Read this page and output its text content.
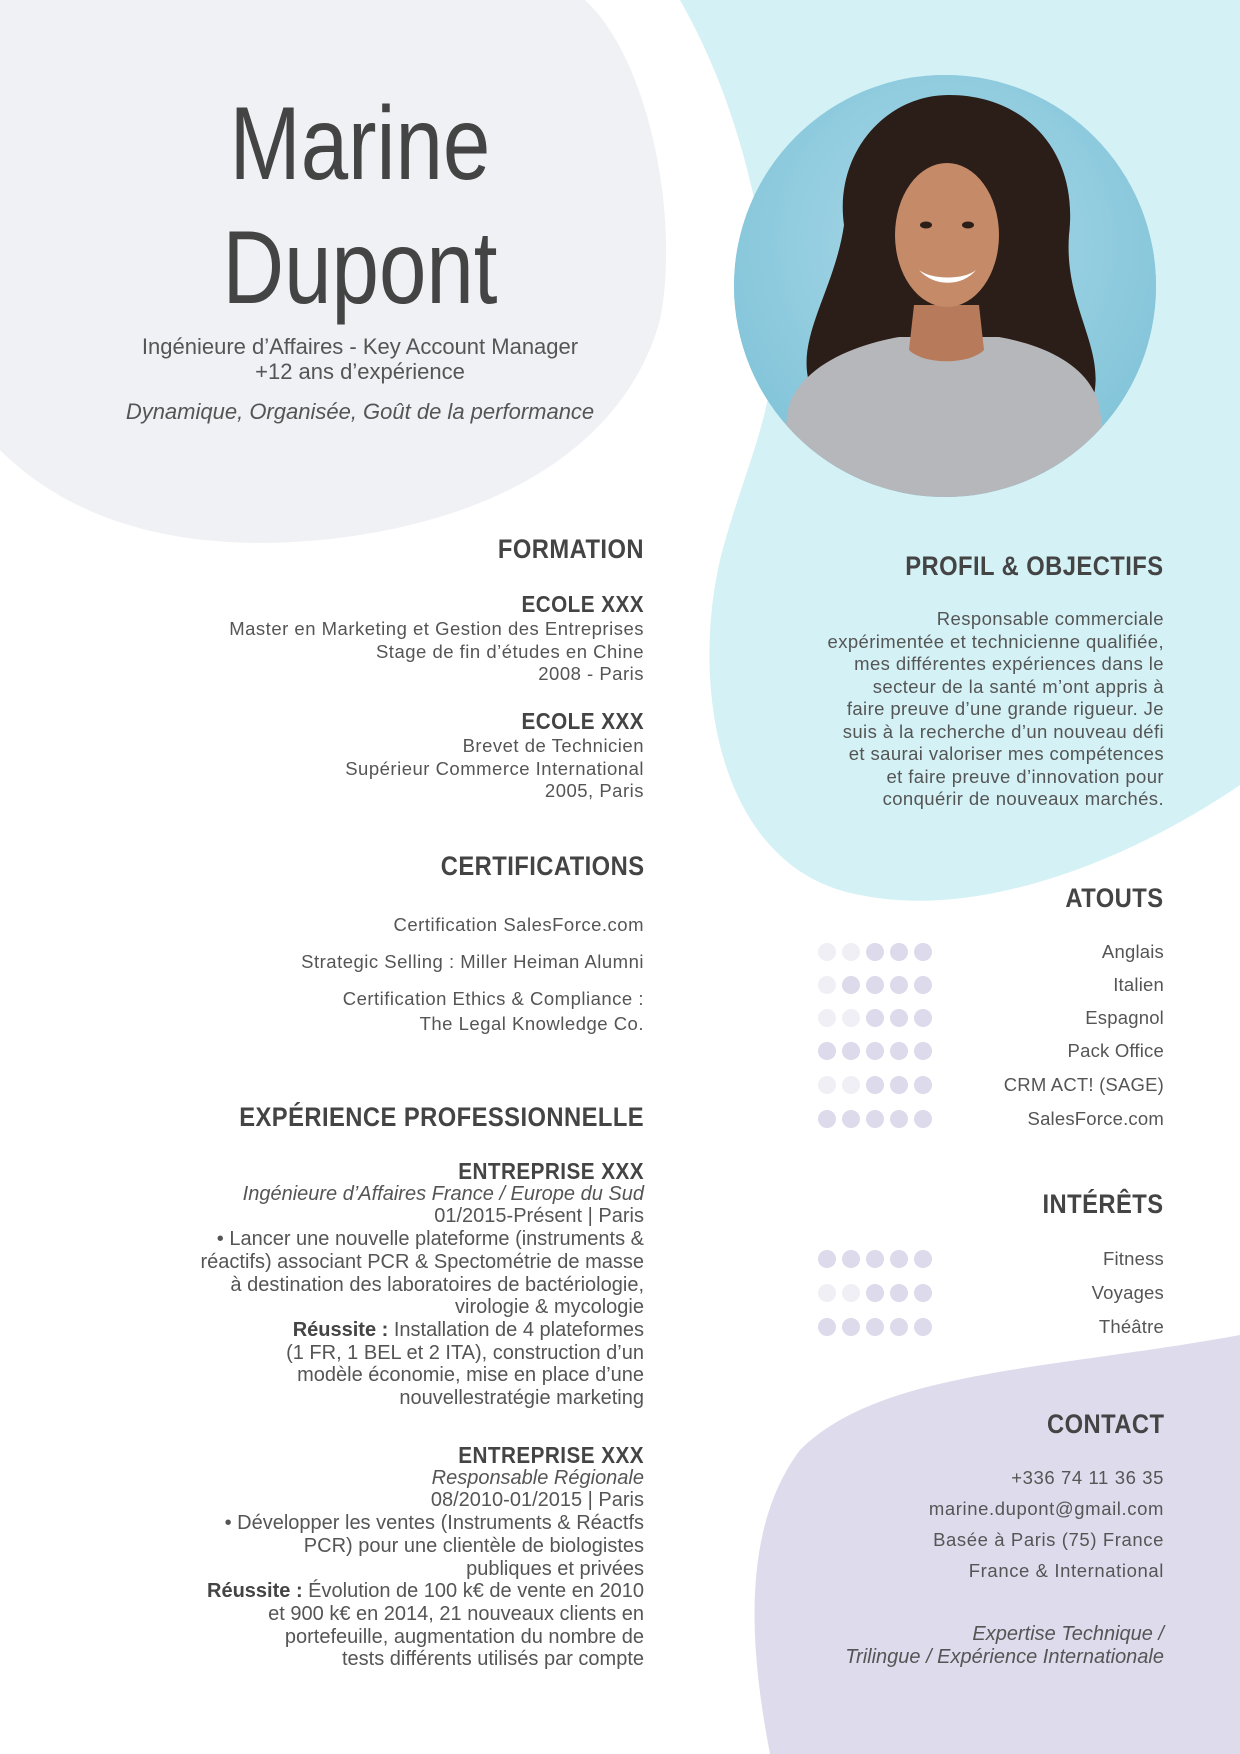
Marine
Dupont
Ingénieure d’Affaires - Key Account Manager
+12 ans d’expérience
Dynamique, Organisée, Goût de la performance
FORMATION
ECOLE XXX
Master en Marketing et Gestion des Entreprises
Stage de fin d’études en Chine
2008 - Paris
ECOLE XXX
Brevet de Technicien
Supérieur Commerce International
2005, Paris
CERTIFICATIONS
Certification SalesForce.com
Strategic Selling : Miller Heiman Alumni
Certification Ethics & Compliance :
The Legal Knowledge Co.
EXPÉRIENCE PROFESSIONNELLE
ENTREPRISE XXX
Ingénieure d’Affaires France / Europe du Sud
01/2015-Présent | Paris
• Lancer une nouvelle plateforme (instruments &
réactifs) associant PCR & Spectométrie de masse
à destination des laboratoires de bactériologie,
virologie & mycologie
Réussite : Installation de 4 plateformes
(1 FR, 1 BEL et 2 ITA), construction d’un
modèle économie, mise en place d’une
nouvellestratégie marketing
ENTREPRISE XXX
Responsable Régionale
08/2010-01/2015 | Paris
• Développer les ventes (Instruments & Réactfs
PCR) pour une clientèle de biologistes
publiques et privées
Réussite : Évolution de 100 k€ de vente en 2010
et 900 k€ en 2014, 21 nouveaux clients en
portefeuille, augmentation du nombre de
tests différents utilisés par compte
PROFIL & OBJECTIFS
Responsable commerciale
expérimentée et technicienne qualifiée,
mes différentes expériences dans le
secteur de la santé m’ont appris à
faire preuve d’une grande rigueur. Je
suis à la recherche d’un nouveau défi
et saurai valoriser mes compétences
et faire preuve d’innovation pour
conquérir de nouveaux marchés.
ATOUTS
Anglais
Italien
Espagnol
Pack Office
CRM ACT! (SAGE)
SalesForce.com
INTÉRÊTS
Fitness
Voyages
Théâtre
CONTACT
+336 74 11 36 35
marine.dupont@gmail.com
Basée à Paris (75) France
France & International
Expertise Technique /
Trilingue / Expérience Internationale
